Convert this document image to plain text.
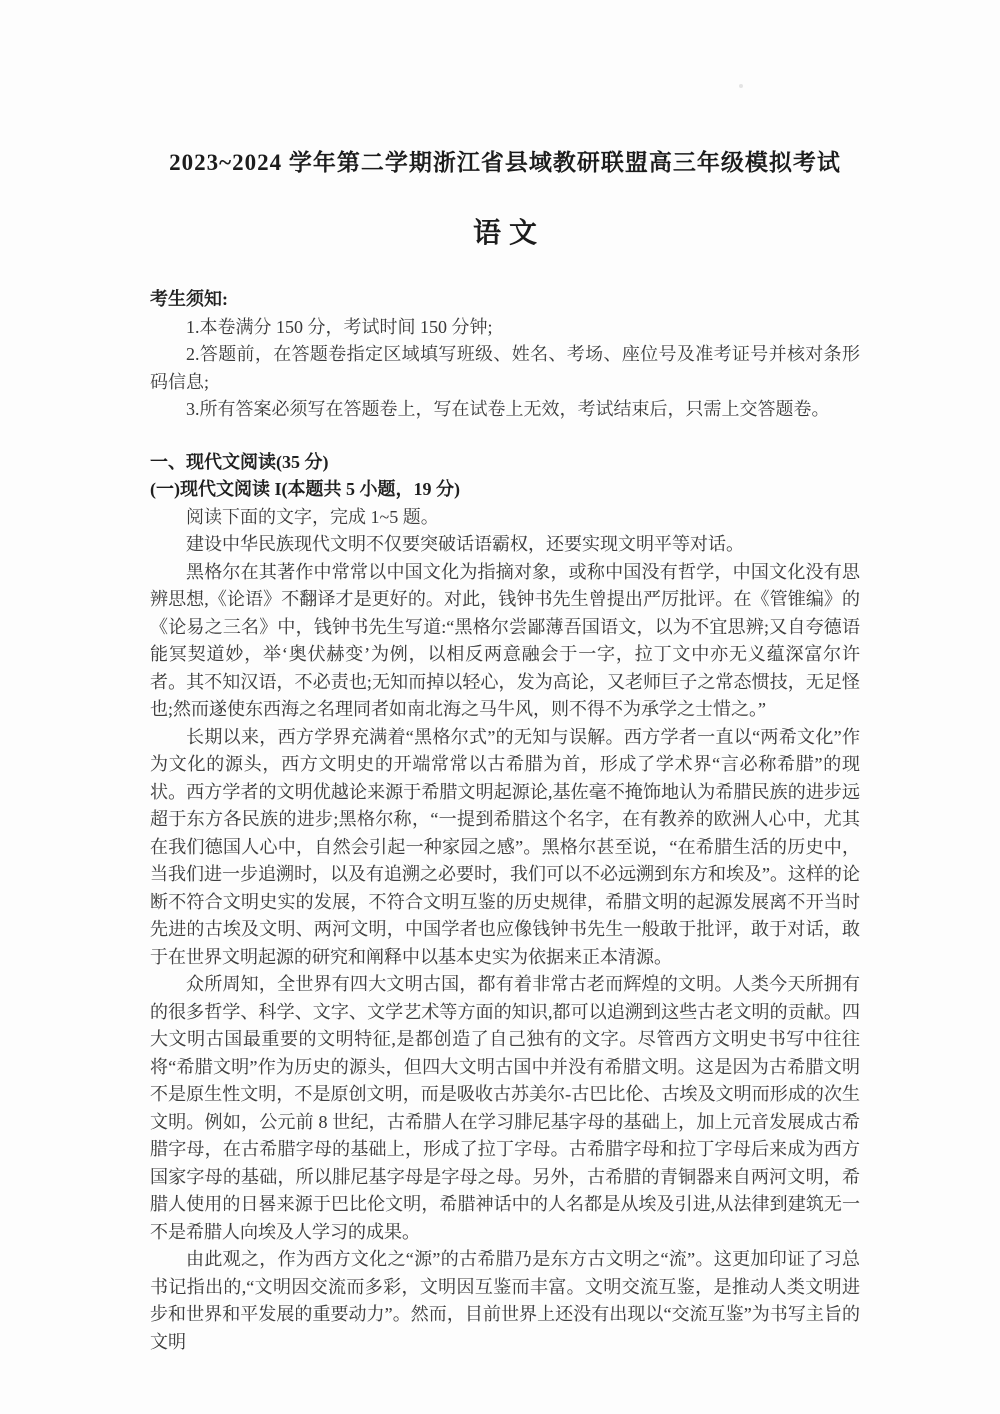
2023~2024 学年第二学期浙江省县域教研联盟高三年级模拟考试
语文

考生须知:

1.本卷满分 150 分，考试时间 150 分钟;

2.答题前，在答题卷指定区域填写班级、姓名、考场、座位号及准考证号并核对条形码信息;

3.所有答案必须写在答题卷上，写在试卷上无效，考试结束后，只需上交答题卷。

一、现代文阅读(35 分)
(一)现代文阅读 I(本题共 5 小题，19 分)

阅读下面的文字，完成 1~5 题。

建设中华民族现代文明不仅要突破话语霸权，还要实现文明平等对话。

黑格尔在其著作中常常以中国文化为指摘对象，或称中国没有哲学，中国文化没有思辨思想,《论语》不翻译才是更好的。对此，钱钟书先生曾提出严厉批评。在《管锥编》的《论易之三名》中，钱钟书先生写道:“黑格尔尝鄙薄吾国语文，以为不宜思辨;又自夸德语能冥契道妙，举‘奥伏赫变’为例，以相反两意融会于一字，拉丁文中亦无义蕴深富尔许者。其不知汉语，不必责也;无知而掉以轻心，发为高论，又老师巨子之常态惯技，无足怪也;然而遂使东西海之名理同者如南北海之马牛风，则不得不为承学之士惜之。”

长期以来，西方学界充满着“黑格尔式”的无知与误解。西方学者一直以“两希文化”作为文化的源头，西方文明史的开端常常以古希腊为首，形成了学术界“言必称希腊”的现状。西方学者的文明优越论来源于希腊文明起源论,基佐毫不掩饰地认为希腊民族的进步远超于东方各民族的进步;黑格尔称，“一提到希腊这个名字，在有教养的欧洲人心中，尤其在我们德国人心中，自然会引起一种家园之感”。黑格尔甚至说，“在希腊生活的历史中，当我们进一步追溯时，以及有追溯之必要时，我们可以不必远溯到东方和埃及”。这样的论断不符合文明史实的发展，不符合文明互鉴的历史规律，希腊文明的起源发展离不开当时先进的古埃及文明、两河文明，中国学者也应像钱钟书先生一般敢于批评，敢于对话，敢于在世界文明起源的研究和阐释中以基本史实为依据来正本清源。

众所周知，全世界有四大文明古国，都有着非常古老而辉煌的文明。人类今天所拥有的很多哲学、科学、文字、文学艺术等方面的知识,都可以追溯到这些古老文明的贡献。四大文明古国最重要的文明特征,是都创造了自己独有的文字。尽管西方文明史书写中往往将“希腊文明”作为历史的源头，但四大文明古国中并没有希腊文明。这是因为古希腊文明不是原生性文明，不是原创文明，而是吸收古苏美尔-古巴比伦、古埃及文明而形成的次生文明。例如，公元前 8 世纪，古希腊人在学习腓尼基字母的基础上，加上元音发展成古希腊字母，在古希腊字母的基础上，形成了拉丁字母。古希腊字母和拉丁字母后来成为西方国家字母的基础，所以腓尼基字母是字母之母。另外，古希腊的青铜器来自两河文明，希腊人使用的日晷来源于巴比伦文明，希腊神话中的人名都是从埃及引进,从法律到建筑无一不是希腊人向埃及人学习的成果。

由此观之，作为西方文化之“源”的古希腊乃是东方古文明之“流”。这更加印证了习总书记指出的,“文明因交流而多彩，文明因互鉴而丰富。文明交流互鉴，是推动人类文明进步和世界和平发展的重要动力”。然而，目前世界上还没有出现以“交流互鉴”为书写主旨的文明
